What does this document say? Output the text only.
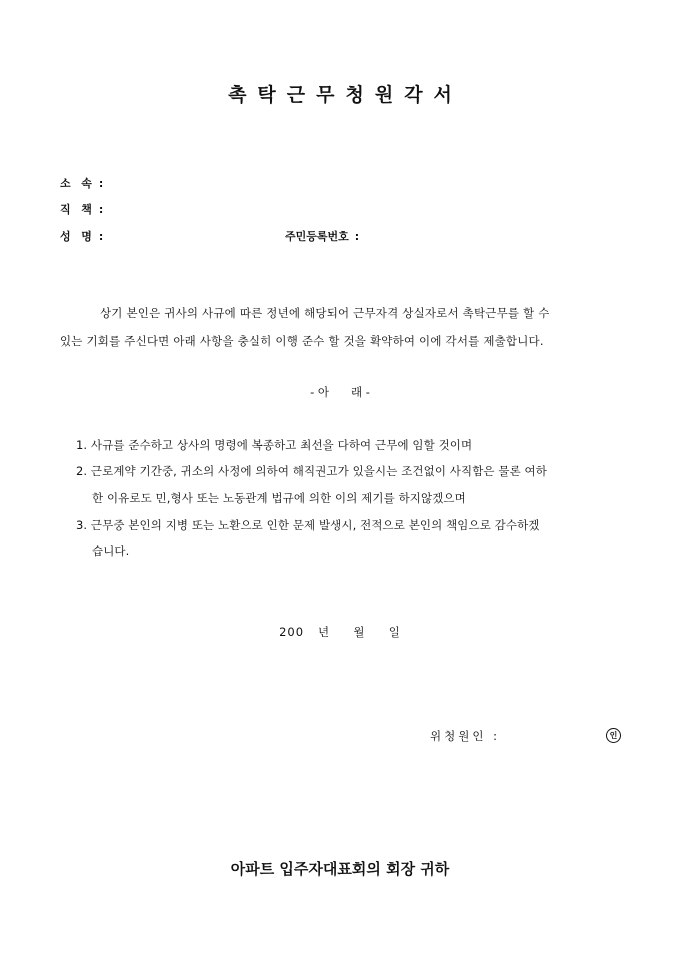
촉탁근무청원각서
소  속 :
직  책 :
성  명 :	주민등록번호 :
상기 본인은 귀사의 사규에 따른 정년에 해당되어 근무자격 상실자로서 촉탁근무를 할 수
있는 기회를 주신다면 아래 사항을 충실히 이행 준수 할 것을 확약하여 이에 각서를 제출합니다.
- 아      래 -
1. 사규를 준수하고 상사의 명령에 복종하고 최선을 다하여 근무에 임할 것이며
2. 근로계약 기간중, 귀소의 사정에 의하여 해직권고가 있을시는 조건없이 사직함은 물론 여하
한 이유로도 민,형사 또는 노동관계 법규에 의한 이의 제기를 하지않겠으며
3. 근무중 본인의 지병 또는 노환으로 인한 문제 발생시, 전적으로 본인의 책임으로 감수하겠
습니다.
200   년     월     일
위청원인 :	인
아파트 입주자대표회의 회장 귀하
